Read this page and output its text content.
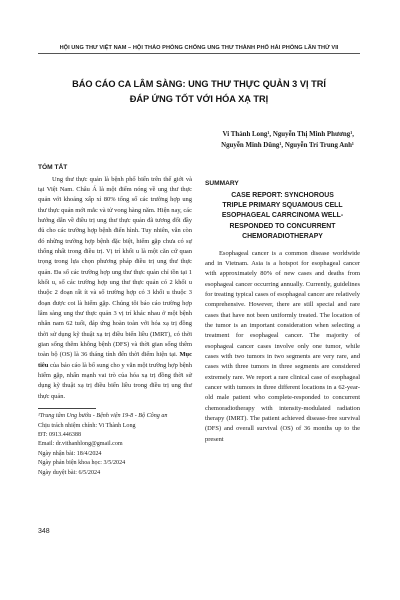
HỘI UNG THƯ VIỆT NAM – HỘI THẢO PHÒNG CHỐNG UNG THƯ THÀNH PHỐ HẢI PHÒNG LẦN THỨ VII
BÁO CÁO CA LÂM SÀNG: UNG THƯ THỰC QUẢN 3 VỊ TRÍ
ĐÁP ỨNG TỐT VỚI HÓA XẠ TRỊ
Vi Thành Long¹, Nguyễn Thị Minh Phương¹,
Nguyễn Minh Dũng¹, Nguyễn Trí Trung Anh¹
TÓM TẮT

Ung thư thực quản là bệnh phổ biến trên thế giới và tại Việt Nam. Châu Á là một điểm nóng về ung thư thực quản với khoảng xấp xỉ 80% tổng số các trường hợp ung thư thực quản mới mắc và tử vong hàng năm. Hiện nay, các hướng dẫn về điều trị ung thư thực quản đã tương đối đầy đủ cho các trường hợp bệnh điển hình. Tuy nhiên, vẫn còn đó những trường hợp bệnh đặc biệt, hiếm gặp chưa có sự thống nhất trong điều trị. Vị trí khối u là một căn cứ quan trọng trong lựa chọn phương pháp điều trị ung thư thực quản. Đa số các trường hợp ung thư thực quản chỉ tồn tại 1 khối u, số các trường hợp ung thư thực quản có 2 khối u thuộc 2 đoạn rất ít và số trường hợp có 3 khối u thuộc 3 đoạn được coi là hiếm gặp. Chúng tôi báo cáo trường hợp lâm sàng ung thư thực quản 3 vị trí khác nhau ở một bệnh nhân nam 62 tuổi, đáp ứng hoàn toàn với hóa xạ trị đồng thời sử dụng kỹ thuật xạ trị điều biến liều (IMRT), có thời gian sống thêm không bệnh (DFS) và thời gian sống thêm toàn bộ (OS) là 36 tháng tính đến thời điểm hiện tại. Mục tiêu của báo cáo là bổ sung cho y văn một trường hợp bệnh hiếm gặp, nhấn mạnh vai trò của hóa xạ trị đồng thời sử dụng kỹ thuật xạ trị điều biến liều trong điều trị ung thư thực quản.

¹Trung tâm Ung bướu - Bệnh viện 19-8 - Bộ Công an
Chịu trách nhiệm chính: Vi Thành Long
ĐT: 0913.446388
Email: dr.vithanhlong@gmail.com
Ngày nhận bài: 18/4/2024
Ngày phản biện khoa học: 3/5/2024
Ngày duyệt bài: 6/5/2024
SUMMARY
CASE REPORT: SYNCHOROUS
TRIPLE PRIMARY SQUAMOUS CELL
ESOPHAGEAL CARRCINOMA WELL-
RESPONDED TO CONCURRENT
CHEMORADIOTHERAPY

Esophageal cancer is a common disease worldwide and in Vietnam. Asia is a hotspot for esophageal cancer with approximately 80% of new cases and deaths from esophageal cancer occurring annually. Currently, guidelines for treating typical cases of esophageal cancer are relatively comprehensive. However, there are still special and rare cases that have not been uniformly treated. The location of the tumor is an important consideration when selecting a treatment for esophageal cancer. The majority of esophageal cancer cases involve only one tumor, while cases with two tumors in two segments are very rare, and cases with three tumors in three segments are considered extremely rare. We report a rare clinical case of esophageal cancer with tumors in three different locations in a 62-year-old male patient who complete-responded to concurrent chemoradiotherapy with intensity-modulated radiation therapy (IMRT). The patient achieved disease-free survival (DFS) and overall survival (OS) of 36 months up to the present

348
